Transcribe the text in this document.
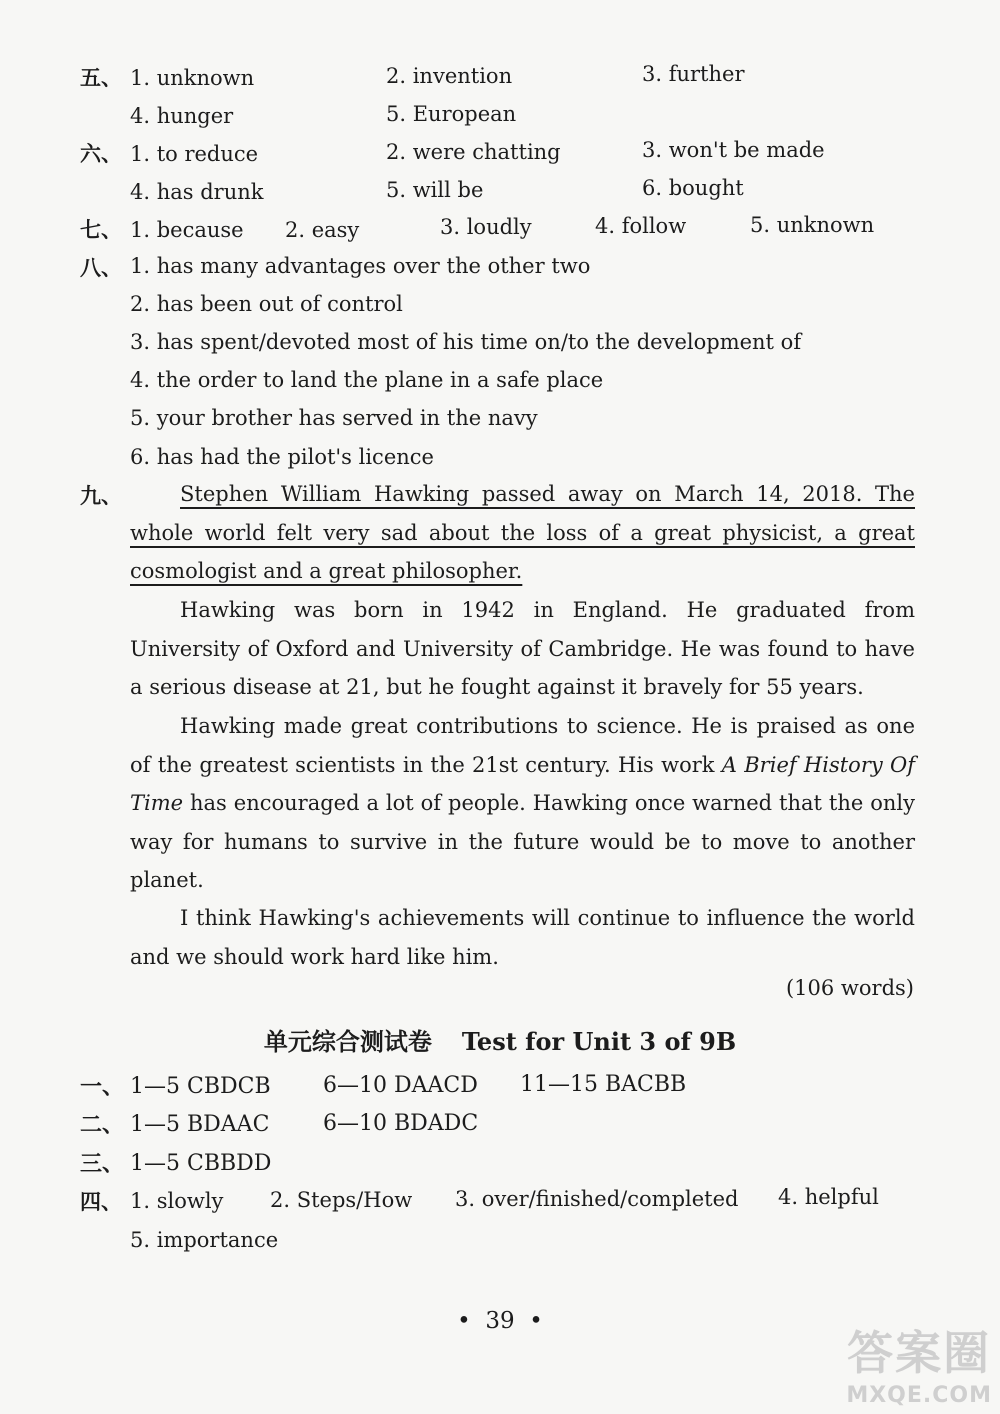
五、 1. unknown	2. invention	3. further
4. hunger	5. European
六、 1. to reduce	2. were chatting	3. won't be made
4. has drunk	5. will be	6. bought
七、 1. because 2. easy	3. loudly	4. follow	5. unknown
八、 1. has many advantages over the other two
2. has been out of control
3. has spent/devoted most of his time on/to the development of
4. the order to land the plane in a safe place
5. your brother has served in the navy
6. has had the pilot's licence
九、	Stephen William Hawking passed away on March 14, 2018. The whole world felt very sad about the loss of a great physicist, a great cosmologist and a great philosopher.
Hawking was born in 1942 in England. He graduated from University of Oxford and University of Cambridge. He was found to have a serious disease at 21, but he fought against it bravely for 55 years.
Hawking made great contributions to science. He is praised as one of the greatest scientists in the 21st century. His work A Brief History Of Time has encouraged a lot of people. Hawking once warned that the only way for humans to survive in the future would be to move to another planet.
I think Hawking's achievements will continue to influence the world and we should work hard like him.
(106 words)
单元综合测试卷 Test for Unit 3 of 9B
一、 1—5 CBDCB 6—10 DAACD 11—15 BACBB
二、 1—5 BDAAC 6—10 BDADC
三、 1—5 CBBDD
四、 1. slowly 2. Steps/How 3. over/finished/completed 4. helpful
5. importance
•  39  •
答案圈
MXQE.COM
